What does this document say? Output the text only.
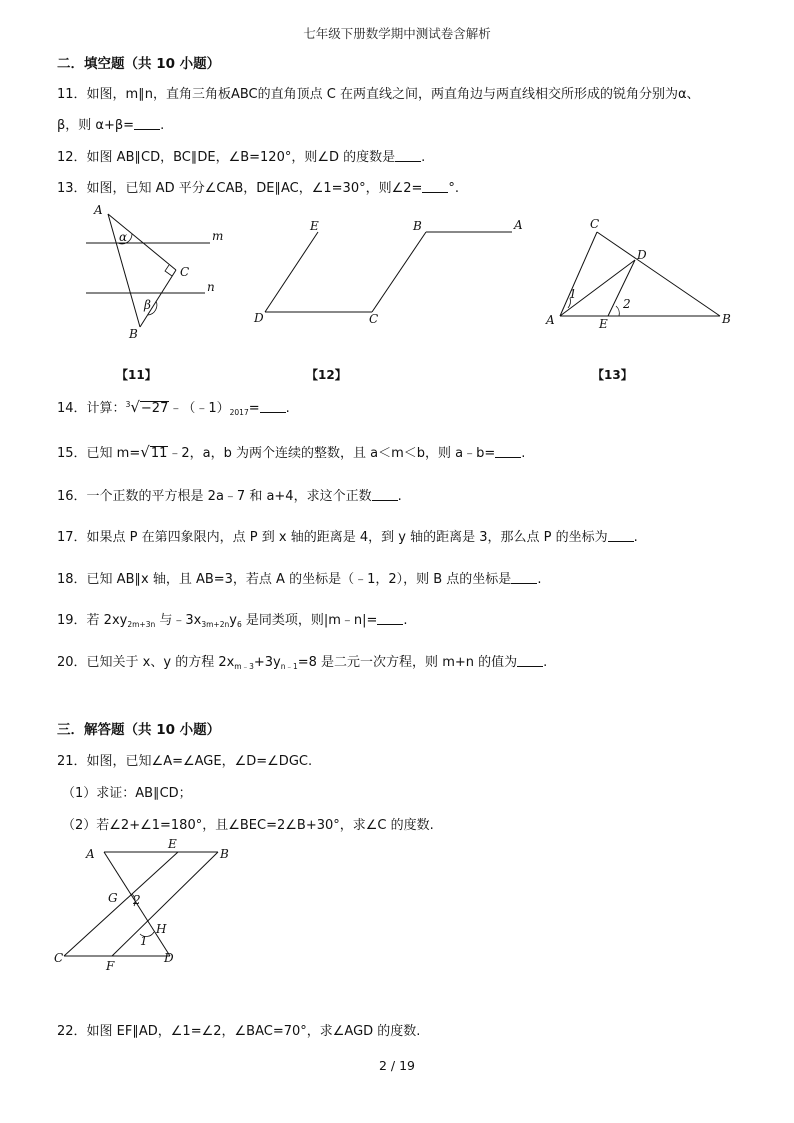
七年级下册数学期中测试卷含解析
二．填空题（共 10 小题）
11．如图，m∥n，直角三角板ABC的直角顶点 C 在两直线之间，两直角边与两直线相交所形成的锐角分别为α、
β，则 α+β= .
12．如图 AB∥CD，BC∥DE，∠B=120°，则∠D 的度数是 .
13．如图，已知 AD 平分∠CAB，DE∥AC，∠1=30°，则∠2= °.
A
B
C
m
n
α
β
E
D	C
B	A	C
D
A	E	B
1
2
【11】	【12】	【13】
14．计算：$^3√-27﹣(﹣1)_{2017}=$ .
15．已知 m=√11﹣2，a，b 为两个连续的整数，且 a＜m＜b，则 a﹣b= .
16．一个正数的平方根是 2a﹣7 和 a+4，求这个正数 .
17．如果点 P 在第四象限内，点 P 到 x 轴的距离是 4，到 y 轴的距离是 3，那么点 P 的坐标为 .
18．已知 AB∥x 轴，且 AB=3，若点 A 的坐标是（﹣1，2），则 B 点的坐标是 .
19．若 $2xy_{2m+3n}$ 与$﹣3x_{3m+2n}y_6$ 是同类项，则|m﹣n|= .
20．已知关于 x、y 的方程 $2x_{m﹣3}+3y_{n﹣1}=8$ 是二元一次方程，则 m+n 的值为 .
三．解答题（共 10 小题）
21．如图，已知∠A=∠AGE，∠D=∠DGC.
（1）求证：AB∥CD；
（2）若∠2+∠1=180°，且∠BEC=2∠B+30°，求∠C 的度数.
A
E
B
G 2
H
1
C
F
D
22．如图 EF∥AD，∠1=∠2，∠BAC=70°，求∠AGD 的度数.
2 / 19
